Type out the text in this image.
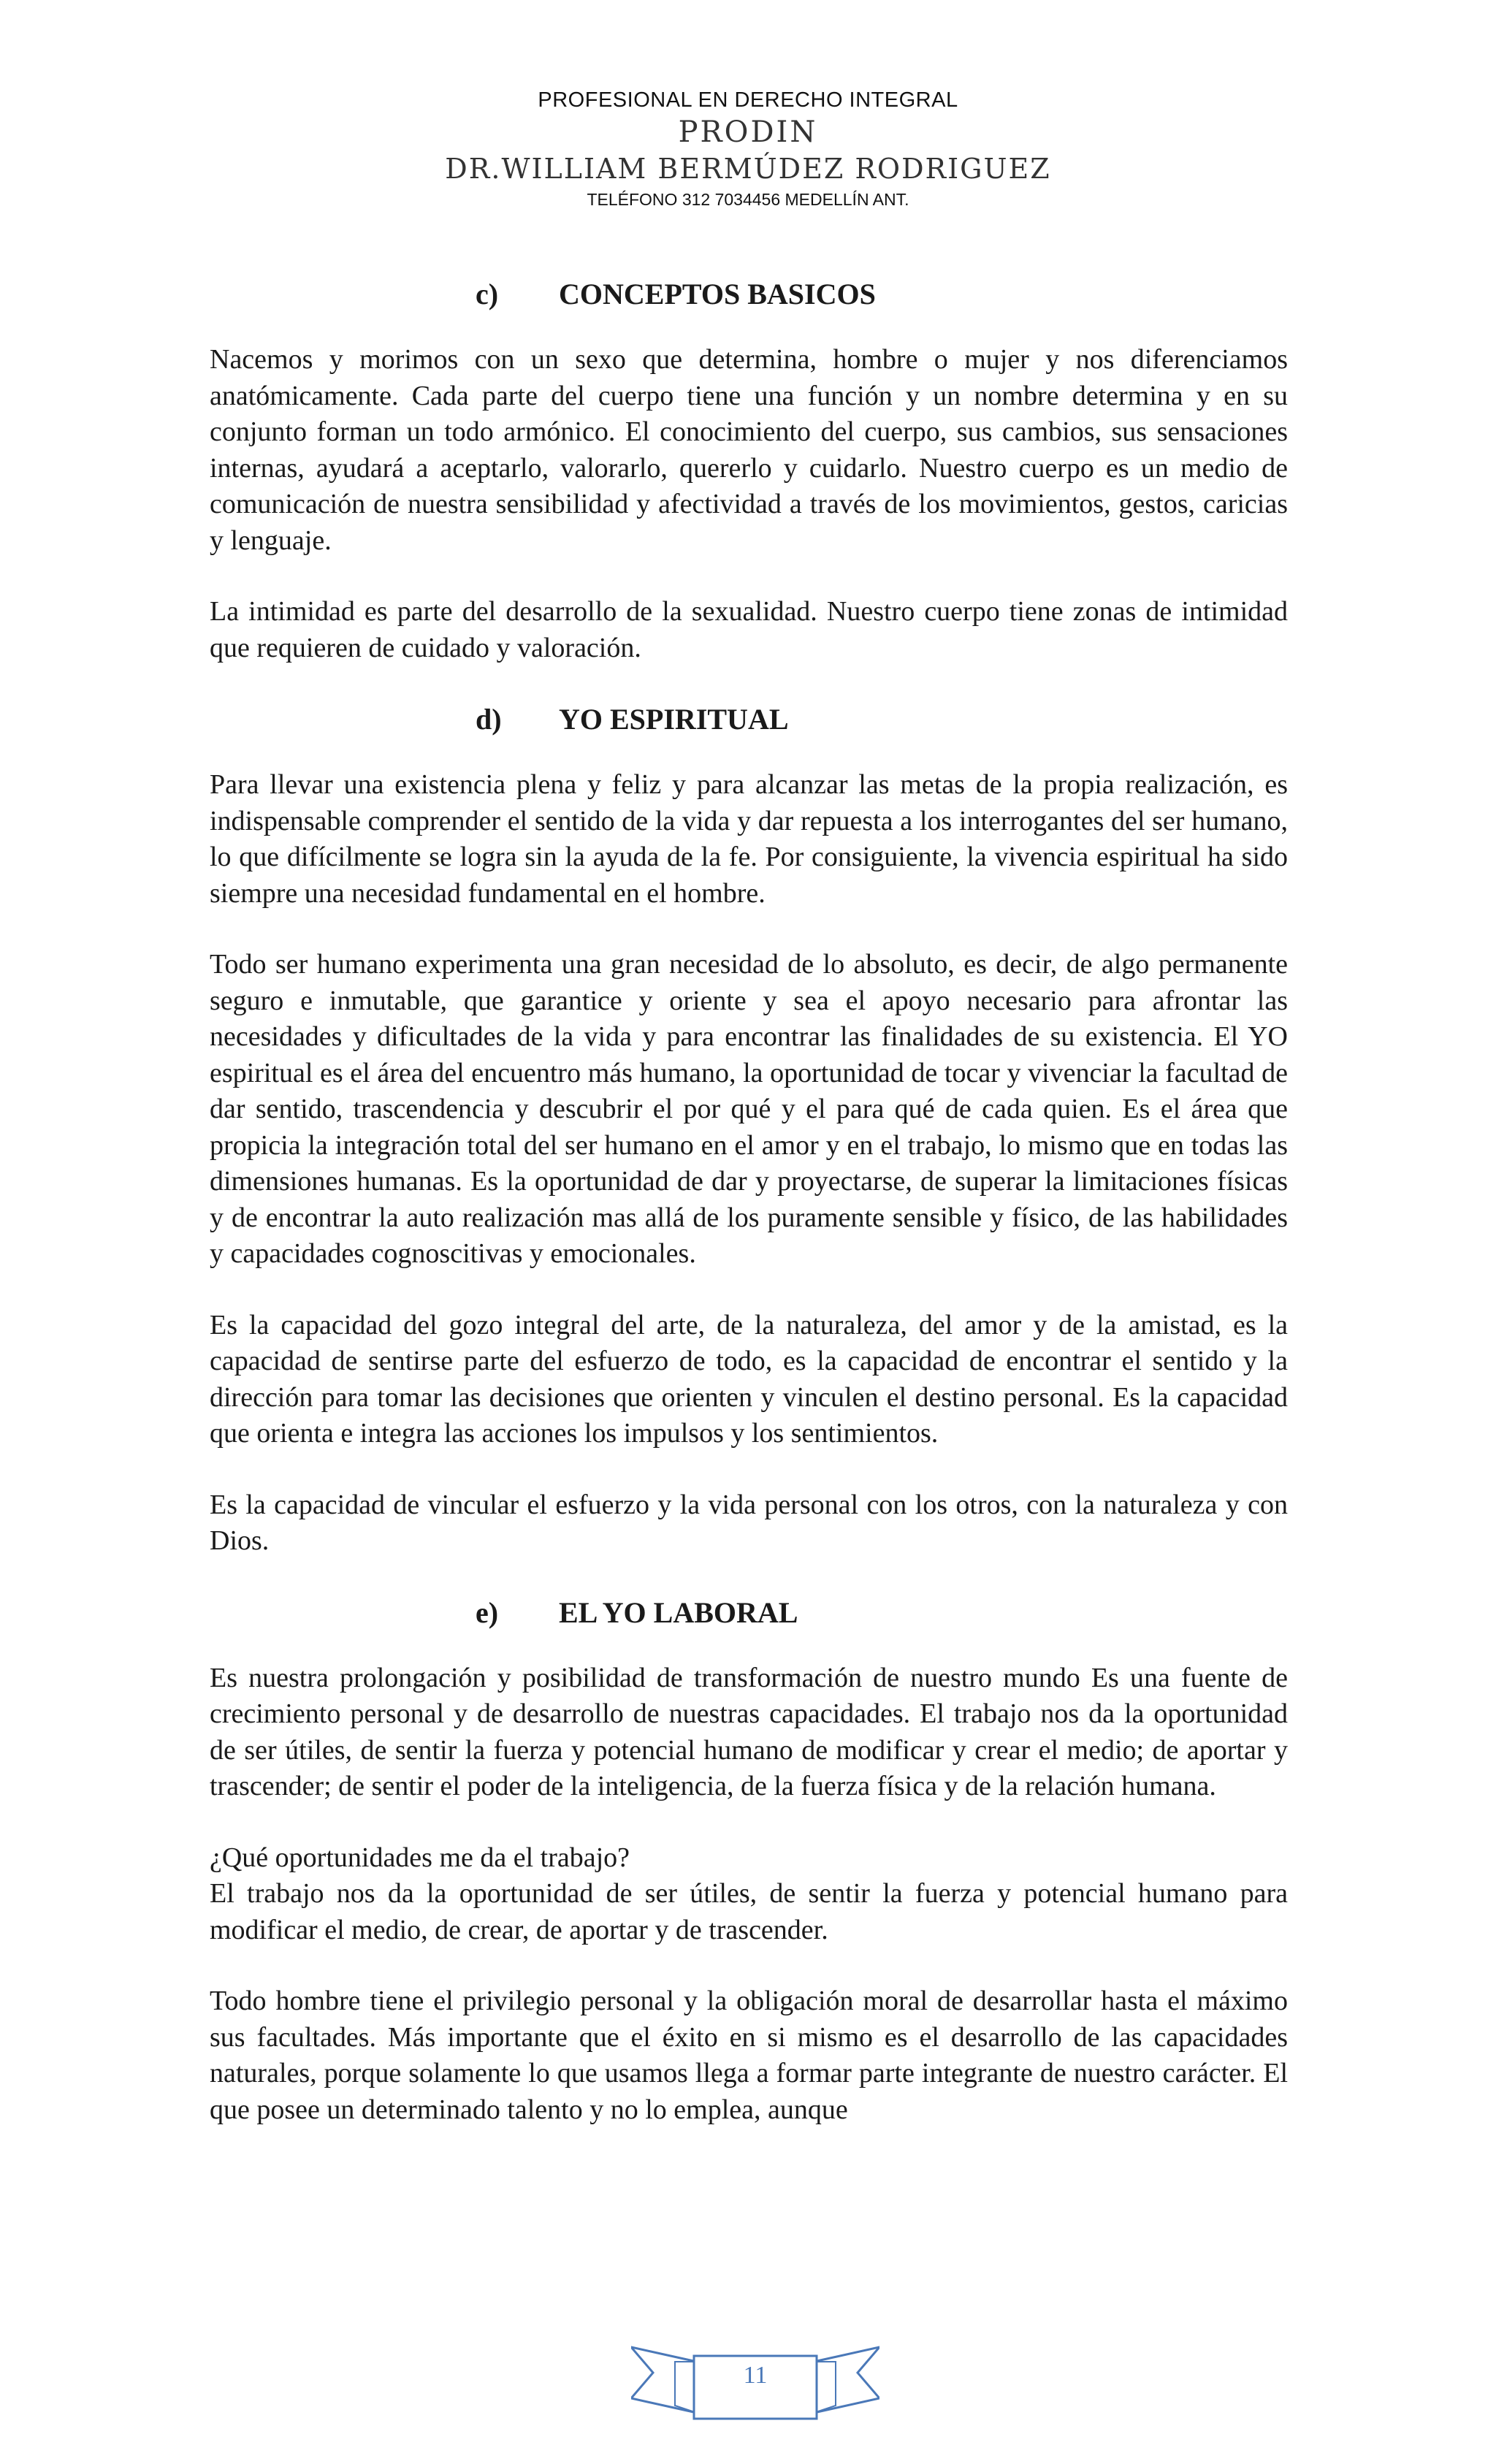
PROFESIONAL EN DERECHO INTEGRAL
PRODIN
DR.WILLIAM BERMÚDEZ RODRIGUEZ
TELÉFONO 312 7034456 MEDELLÍN ANT.
c) CONCEPTOS BASICOS

Nacemos y morimos con un sexo que determina, hombre o mujer y nos diferenciamos anatómicamente. Cada parte del cuerpo tiene una función y un nombre determina y en su conjunto forman un todo armónico. El conocimiento del cuerpo, sus cambios, sus sensaciones internas, ayudará a aceptarlo, valorarlo, quererlo y cuidarlo. Nuestro cuerpo es un medio de comunicación de nuestra sensibilidad y afectividad a través de los movimientos, gestos, caricias y lenguaje.

La intimidad es parte del desarrollo de la sexualidad. Nuestro cuerpo tiene zonas de intimidad que requieren de cuidado y valoración.

d) YO ESPIRITUAL

Para llevar una existencia plena y feliz y para alcanzar las metas de la propia realización, es indispensable comprender el sentido de la vida y dar repuesta a los interrogantes del ser humano, lo que difícilmente se logra sin la ayuda de la fe. Por consiguiente, la vivencia espiritual ha sido siempre una necesidad fundamental en el hombre.

Todo ser humano experimenta una gran necesidad de lo absoluto, es decir, de algo permanente seguro e inmutable, que garantice y oriente y sea el apoyo necesario para afrontar las necesidades y dificultades de la vida y para encontrar las finalidades de su existencia. El YO espiritual es el área del encuentro más humano, la oportunidad de tocar y vivenciar la facultad de dar sentido, trascendencia y descubrir el por qué y el para qué de cada quien. Es el área que propicia la integración total del ser humano en el amor y en el trabajo, lo mismo que en todas las dimensiones humanas. Es la oportunidad de dar y proyectarse, de superar la limitaciones físicas y de encontrar la auto realización mas allá de los puramente sensible y físico, de las habilidades y capacidades cognoscitivas y emocionales.

Es la capacidad del gozo integral del arte, de la naturaleza, del amor y de la amistad, es la capacidad de sentirse parte del esfuerzo de todo, es la capacidad de encontrar el sentido y la dirección para tomar las decisiones que orienten y vinculen el destino personal. Es la capacidad que orienta e integra las acciones los impulsos y los sentimientos.

Es la capacidad de vincular el esfuerzo y la vida personal con los otros, con la naturaleza y con Dios.

e) EL YO LABORAL

Es nuestra prolongación y posibilidad de transformación de nuestro mundo Es una fuente de crecimiento personal y de desarrollo de nuestras capacidades. El trabajo nos da la oportunidad de ser útiles, de sentir la fuerza y potencial humano de modificar y crear el medio; de aportar y trascender; de sentir el poder de la inteligencia, de la fuerza física y de la relación humana.

¿Qué oportunidades me da el trabajo?

El trabajo nos da la oportunidad de ser útiles, de sentir la fuerza y potencial humano para modificar el medio, de crear, de aportar y de trascender.

Todo hombre tiene el privilegio personal y la obligación moral de desarrollar hasta el máximo sus facultades. Más importante que el éxito en si mismo es el desarrollo de las capacidades naturales, porque solamente lo que usamos llega a formar parte integrante de nuestro carácter. El que posee un determinado talento y no lo emplea, aunque

11
